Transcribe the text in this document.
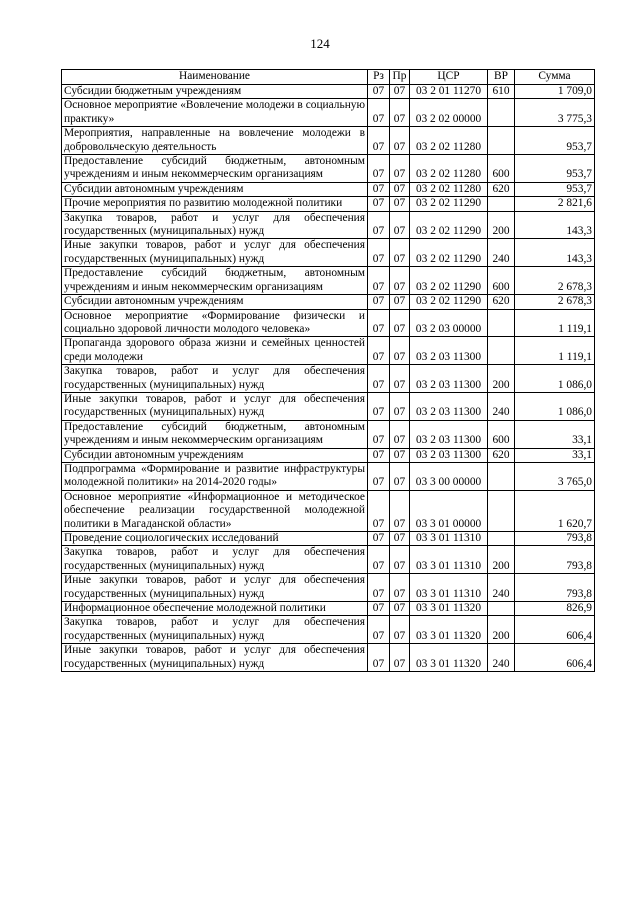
124
Наименование	Рз	Пр	ЦСР	ВР	Сумма
Субсидии бюджетным учреждениям	07	07	03 2 01 11270	610	1 709,0
Основное мероприятие «Вовлечение молодежи в социальную практику»	07	07	03 2 02 00000		3 775,3
Мероприятия, направленные на вовлечение молодежи в добровольческую деятельность	07	07	03 2 02 11280		953,7
Предоставление субсидий бюджетным, автономным учреждениям и иным некоммерческим организациям	07	07	03 2 02 11280	600	953,7
Субсидии автономным учреждениям	07	07	03 2 02 11280	620	953,7
Прочие мероприятия по развитию молодежной политики	07	07	03 2 02 11290		2 821,6
Закупка товаров, работ и услуг для обеспечения государственных (муниципальных) нужд	07	07	03 2 02 11290	200	143,3
Иные закупки товаров, работ и услуг для обеспечения государственных (муниципальных) нужд	07	07	03 2 02 11290	240	143,3
Предоставление субсидий бюджетным, автономным учреждениям и иным некоммерческим организациям	07	07	03 2 02 11290	600	2 678,3
Субсидии автономным учреждениям	07	07	03 2 02 11290	620	2 678,3
Основное мероприятие «Формирование физически и социально здоровой личности молодого человека»	07	07	03 2 03 00000		1 119,1
Пропаганда здорового образа жизни и семейных ценностей среди молодежи	07	07	03 2 03 11300		1 119,1
Закупка товаров, работ и услуг для обеспечения государственных (муниципальных) нужд	07	07	03 2 03 11300	200	1 086,0
Иные закупки товаров, работ и услуг для обеспечения государственных (муниципальных) нужд	07	07	03 2 03 11300	240	1 086,0
Предоставление субсидий бюджетным, автономным учреждениям и иным некоммерческим организациям	07	07	03 2 03 11300	600	33,1
Субсидии автономным учреждениям	07	07	03 2 03 11300	620	33,1
Подпрограмма «Формирование и развитие инфраструктуры молодежной политики» на 2014-2020 годы»	07	07	03 3 00 00000		3 765,0
Основное мероприятие «Информационное и методическое обеспечение реализации государственной молодежной политики в Магаданской области»	07	07	03 3 01 00000		1 620,7
Проведение социологических исследований	07	07	03 3 01 11310		793,8
Закупка товаров, работ и услуг для обеспечения государственных (муниципальных) нужд	07	07	03 3 01 11310	200	793,8
Иные закупки товаров, работ и услуг для обеспечения государственных (муниципальных) нужд	07	07	03 3 01 11310	240	793,8
Информационное обеспечение молодежной политики	07	07	03 3 01 11320		826,9
Закупка товаров, работ и услуг для обеспечения государственных (муниципальных) нужд	07	07	03 3 01 11320	200	606,4
Иные закупки товаров, работ и услуг для обеспечения государственных (муниципальных) нужд	07	07	03 3 01 11320	240	606,4
